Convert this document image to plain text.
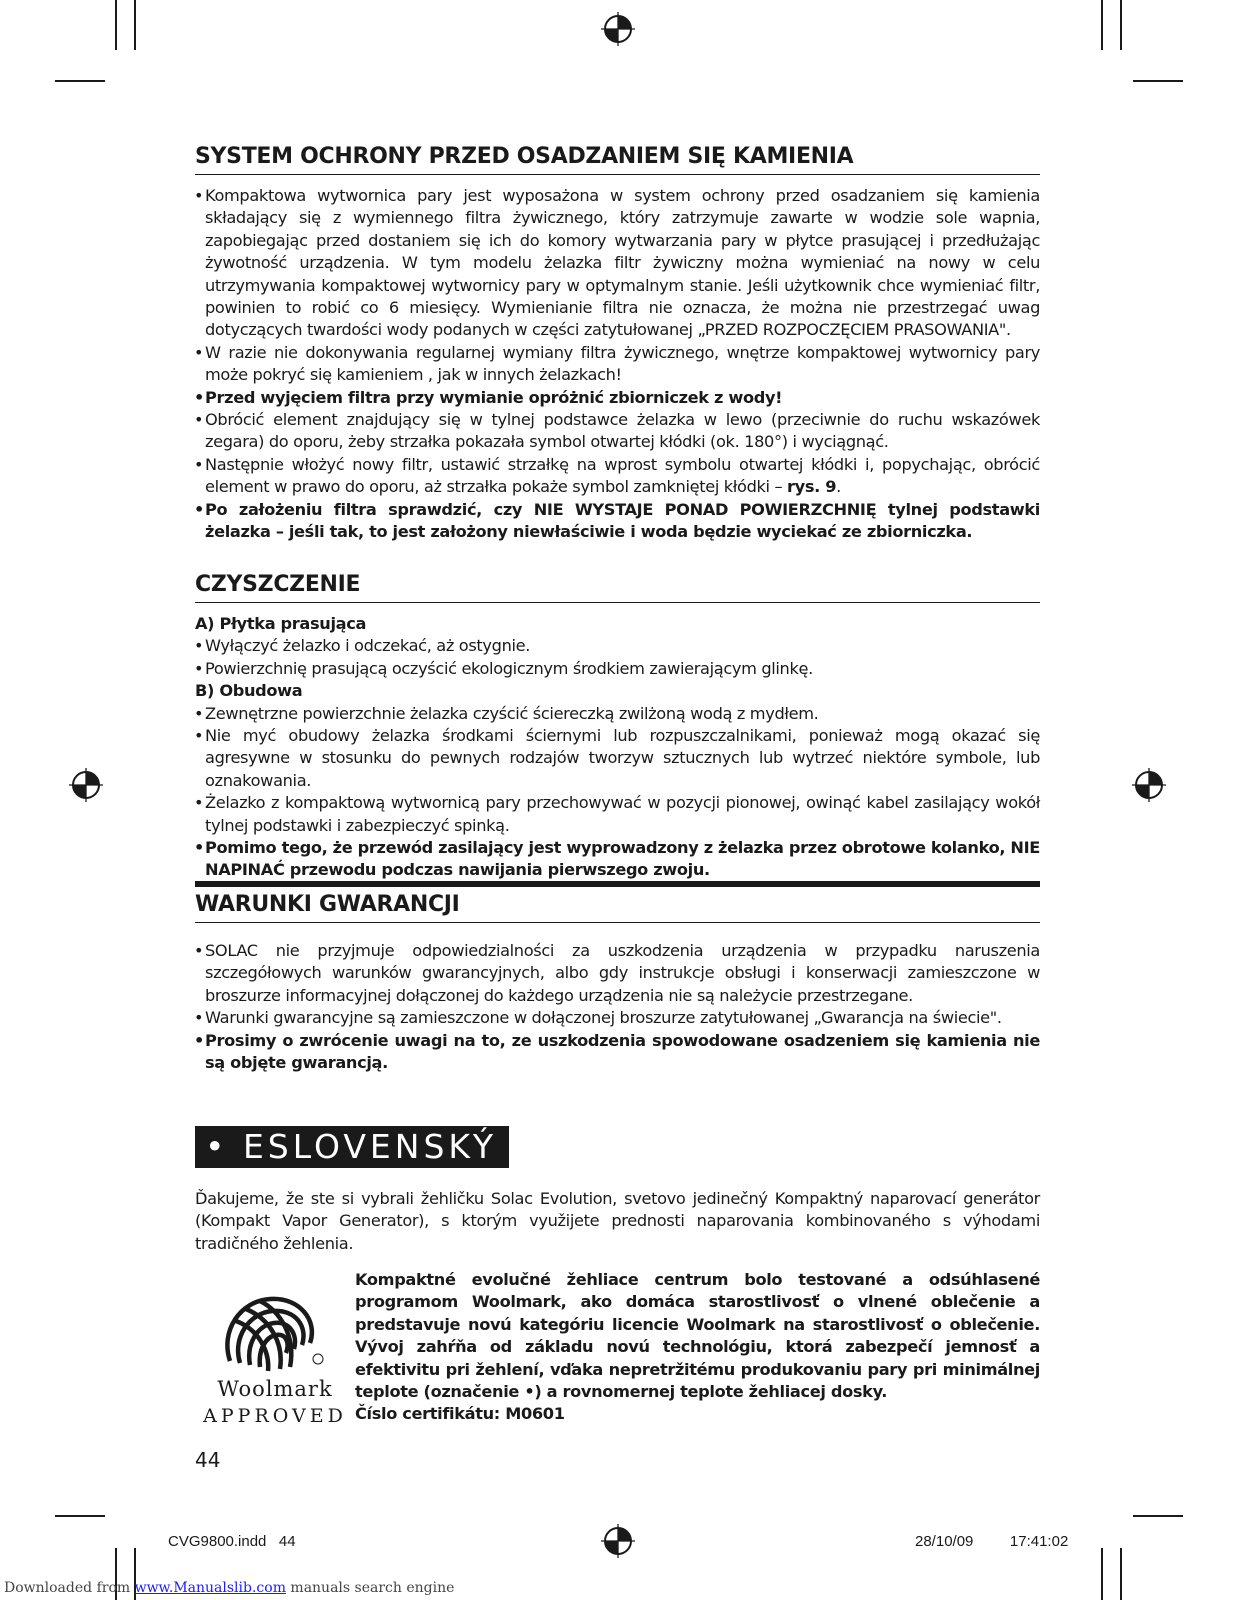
SYSTEM OCHRONY PRZED OSADZANIEM SIĘ KAMIENIA
• Kompaktowa wytwornica pary jest wyposażona w system ochrony przed osadzaniem się kamienia składający się z wymiennego filtra żywicznego, który zatrzymuje zawarte w wodzie sole wapnia, zapobiegając przed dostaniem się ich do komory wytwarzania pary w płytce prasującej i przedłużając żywotność urządzenia. W tym modelu żelazka filtr żywiczny można wymieniać na nowy w celu utrzymywania kompaktowej wytwornicy pary w optymalnym stanie. Jeśli użytkownik chce wymieniać filtr, powinien to robić co 6 miesięcy. Wymienianie filtra nie oznacza, że można nie przestrzegać uwag dotyczących twardości wody podanych w części zatytułowanej „PRZED ROZPOCZĘCIEM PRASOWANIA".
• W razie nie dokonywania regularnej wymiany filtra żywicznego, wnętrze kompaktowej wytwornicy pary może pokryć się kamieniem , jak w innych żelazkach!
• Przed wyjęciem filtra przy wymianie opróżnić zbiorniczek z wody!
• Obrócić element znajdujący się w tylnej podstawce żelazka w lewo (przeciwnie do ruchu wskazówek zegara) do oporu, żeby strzałka pokazała symbol otwartej kłódki (ok. 180°) i wyciągnąć.
• Następnie włożyć nowy filtr, ustawić strzałkę na wprost symbolu otwartej kłódki i, popychając, obrócić element w prawo do oporu, aż strzałka pokaże symbol zamkniętej kłódki – rys. 9.
• Po założeniu filtra sprawdzić, czy NIE WYSTAJE PONAD POWIERZCHNIĘ tylnej podstawki żelazka – jeśli tak, to jest założony niewłaściwie i woda będzie wyciekać ze zbiorniczka.
CZYSZCZENIE
A) Płytka prasująca
• Wyłączyć żelazko i odczekać, aż ostygnie.
• Powierzchnię prasującą oczyścić ekologicznym środkiem zawierającym glinkę.
B) Obudowa
• Zewnętrzne powierzchnie żelazka czyścić ściereczką zwilżoną wodą z mydłem.
• Nie myć obudowy żelazka środkami ściernymi lub rozpuszczalnikami, ponieważ mogą okazać się agresywne w stosunku do pewnych rodzajów tworzyw sztucznych lub wytrzeć niektóre symbole, lub oznakowania.
• Żelazko z kompaktową wytwornicą pary przechowywać w pozycji pionowej, owinąć kabel zasilający wokół tylnej podstawki i zabezpieczyć spinką.
• Pomimo tego, że przewód zasilający jest wyprowadzony z żelazka przez obrotowe kolanko, NIE NAPINAĆ przewodu podczas nawijania pierwszego zwoju.
WARUNKI GWARANCJI
• SOLAC nie przyjmuje odpowiedzialności za uszkodzenia urządzenia w przypadku naruszenia szczegółowych warunków gwarancyjnych, albo gdy instrukcje obsługi i konserwacji zamieszczone w broszurze informacyjnej dołączonej do każdego urządzenia nie są należycie przestrzegane.
• Warunki gwarancyjne są zamieszczone w dołączonej broszurze zatytułowanej „Gwarancja na świecie".
• Prosimy o zwrócenie uwagi na to, ze uszkodzenia spowodowane osadzeniem się kamienia nie są objęte gwarancją.
• ESLOVENSKÝ
Ďakujeme, že ste si vybrali žehličku Solac Evolution, svetovo jedinečný Kompaktný naparovací generátor (Kompakt Vapor Generator), s ktorým využijete prednosti naparovania kombinovaného s výhodami tradičného žehlenia.
Woolmark
APPROVED
Kompaktné evolučné žehliace centrum bolo testované a odsúhlasené programom Woolmark, ako domáca starostlivosť o vlnené oblečenie a predstavuje novú kategóriu licencie Woolmark na starostlivosť o oblečenie. Vývoj zahŕňa od základu novú technológiu, ktorá zabezpečí jemnosť a efektivitu pri žehlení, vďaka nepretržitému produkovaniu pary pri minimálnej teplote (označenie •) a rovnomernej teplote žehliacej dosky.
Číslo certifikátu: M0601
44
CVG9800.indd   44	28/10/09   17:41:02
Downloaded from www.Manualslib.com manuals search engine
